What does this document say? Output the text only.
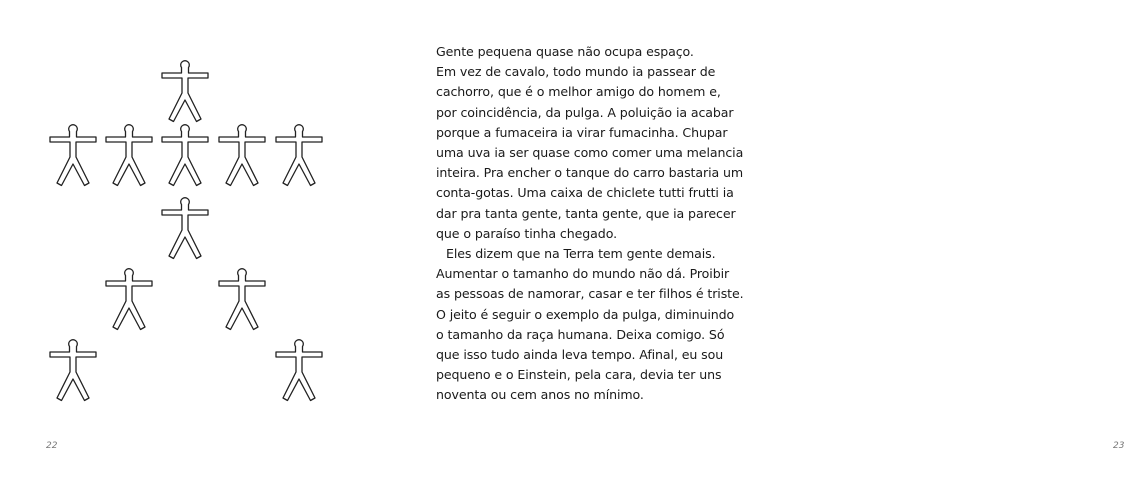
22	23

Gente pequena quase não ocupa espaço.
Em vez de cavalo, todo mundo ia passear de
cachorro, que é o melhor amigo do homem e,
por coincidência, da pulga. A poluição ia acabar
porque a fumaceira ia virar fumacinha. Chupar
uma uva ia ser quase como comer uma melancia
inteira. Pra encher o tanque do carro bastaria um
conta-gotas. Uma caixa de chiclete tutti frutti ia
dar pra tanta gente, tanta gente, que ia parecer
que o paraíso tinha chegado.

Eles dizem que na Terra tem gente demais.
Aumentar o tamanho do mundo não dá. Proibir
as pessoas de namorar, casar e ter filhos é triste.
O jeito é seguir o exemplo da pulga, diminuindo
o tamanho da raça humana. Deixa comigo. Só
que isso tudo ainda leva tempo. Afinal, eu sou
pequeno e o Einstein, pela cara, devia ter uns
noventa ou cem anos no mínimo.
